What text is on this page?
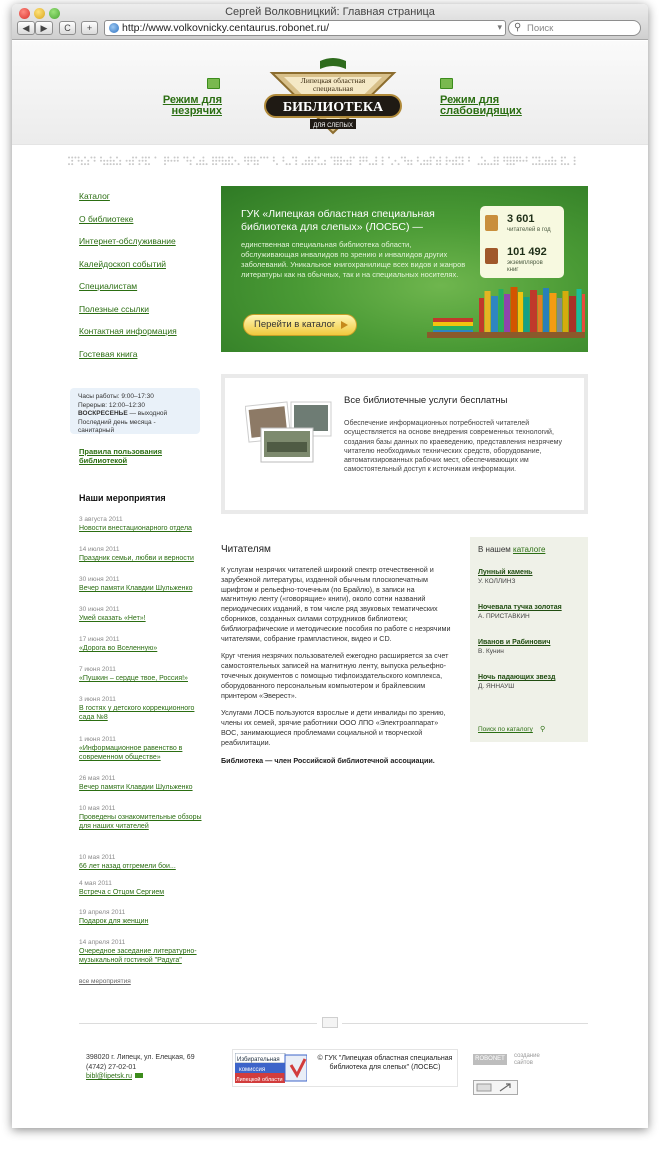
Сергей Волковницкий: Главная страница
◀	▶	C	+	http://www.volkovnicky.centaurus.robonet.ru/	▾ ⚲ Поиск
Режим для
незрячих
Липецкая областная
специальная
БИБЛИОТЕКА
ДЛЯ СЛЕПЫХ
Режим для
слабовидящих
Каталог
О библиотеке
Интернет-обслуживание
Калейдоскоп событий
Специалистам
Полезные ссылки
Контактная информация
Гостевая книга
Часы работы: 9:00–17:30
Перерыв: 12:00–12:30
ВОСКРЕСЕНЬЕ — выходной
Последний день месяца - санитарный
Правила пользования библиотекой
Наши мероприятия
3 августа 2011
Новости внестационарного отдела
14 июля 2011
Праздник семьи, любви и верности
30 июня 2011
Вечер памяти Клавдии Шульженко
30 июня 2011
Умей сказать «Нет»!
17 июня 2011
«Дорога во Вселенную»
7 июня 2011
«Пушкин – сердце твое, Россия!»
3 июня 2011
В гостях у детского коррекционного сада №8
1 июня 2011
«Информационное равенство в современном обществе»
26 мая 2011
Вечер памяти Клавдии Шульженко
10 мая 2011
Проведены ознакомительные обзоры для наших читателей
10 мая 2011
66 лет назад отгремели бои...
4 мая 2011
Встреча с Отцом Сергием
19 апреля 2011
Подарок для женщин
14 апреля 2011
Очередное заседание литературно-музыкальной гостиной "Радуга"
все мероприятия
ГУК «Липецкая областная специальная библиотека для слепых» (ЛОСБС) —
единственная специальная библиотека области, обслуживающая инвалидов по зрению и инвалидов других заболеваний. Уникальное книгохранилище всех видов и жанров литературы как на обычных, так и на специальных носителях.
3 601
читателей в год
101 492
экземпляров
книг
Перейти в каталог
Все библиотечные услуги бесплатны
Обеспечение информационных потребностей читателей осуществляется на основе внедрения современных технологий, создания базы данных по краеведению, представления незрячему читателю необходимых технических средств, оборудование, автоматизированных рабочих мест, обеспечивающих им самостоятельный доступ к источникам информации.
Читателям

К услугам незрячих читателей широкий спектр отечественной и зарубежной литературы, изданной обычным плоскопечатным шрифтом и рельефно-точечным (по Брайлю), в записи на магнитную ленту («говорящие» книги), около сотни названий периодических изданий, в том числе ряд звуковых тематических сборников, созданных силами сотрудников библиотеки; библиографические и методические пособия по работе с незрячими читателями, собрание грампластинок, видео и CD.

Круг чтения незрячих пользователей ежегодно расширяется за счет самостоятельных записей на магнитную ленту, выпуска рельефно-точечных документов с помощью тифлоиздательского комплекса, оборудованного персональным компьютером и брайлевским принтером «Эверест».

Услугами ЛОСБ пользуются взрослые и дети инвалиды по зрению, члены их семей, зрячие работники ООО ЛПО «Электроаппарат» ВОС, занимающиеся проблемами социальной и творческой реабилитации.

Библиотека — член Российской библиотечной ассоциации.

В нашем каталоге
Лунный камень
У. КОЛЛИНЗ
Ночевала тучка золотая
А. ПРИСТАВКИН
Иванов и Рабинович
В. Кунин
Ночь падающих звезд
Д. ЯННАУШ
Поиск по каталогу ⚲
398020 г. Липецк, ул. Елецкая, 69
(4742) 27-02-01
bibl@lipetsk.ru
Избирательная
комиссия
Липецкой области
© ГУК "Липецкая областная специальная библиотека для слепых" (ЛОСБС)
ROBONET	создание сайтов
